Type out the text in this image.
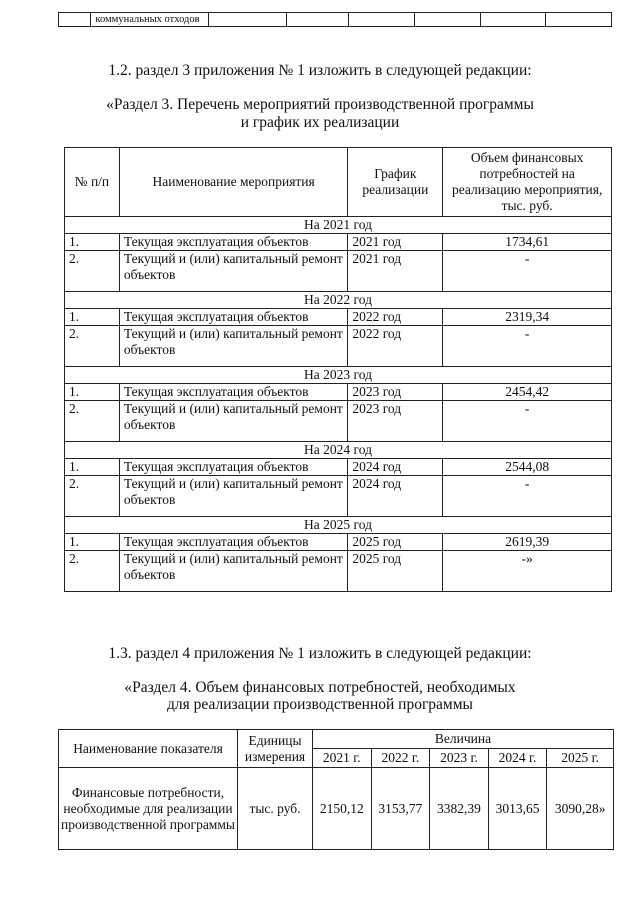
	коммунальных отходов						
1.2. раздел 3 приложения № 1 изложить в следующей редакции:
«Раздел 3. Перечень мероприятий производственной программы
и график их реализации
№ п/п	Наименование мероприятия	График реализации	Объем финансовых потребностей на реализацию мероприятия, тыс. руб.
На 2021 год			
1.	Текущая эксплуатация объектов	2021 год	1734,61
2.	Текущий и (или) капитальный ремонт объектов	2021 год	-
На 2022 год			
1.	Текущая эксплуатация объектов	2022 год	2319,34
2.	Текущий и (или) капитальный ремонт объектов	2022 год	-
На 2023 год			
1.	Текущая эксплуатация объектов	2023 год	2454,42
2.	Текущий и (или) капитальный ремонт объектов	2023 год	-
На 2024 год			
1.	Текущая эксплуатация объектов	2024 год	2544,08
2.	Текущий и (или) капитальный ремонт объектов	2024 год	-
На 2025 год			
1.	Текущая эксплуатация объектов	2025 год	2619,39
2.	Текущий и (или) капитальный ремонт объектов	2025 год	-»
1.3. раздел 4 приложения № 1 изложить в следующей редакции:
«Раздел 4. Объем финансовых потребностей, необходимых
для реализации производственной программы
Наименование показателя	Единицы измерения	Величина				
		2021 г.	2022 г.	2023 г.	2024 г.	2025 г.
Финансовые потребности, необходимые для реализации производственной программы	тыс. руб.	2150,12	3153,77	3382,39	3013,65	3090,28»
